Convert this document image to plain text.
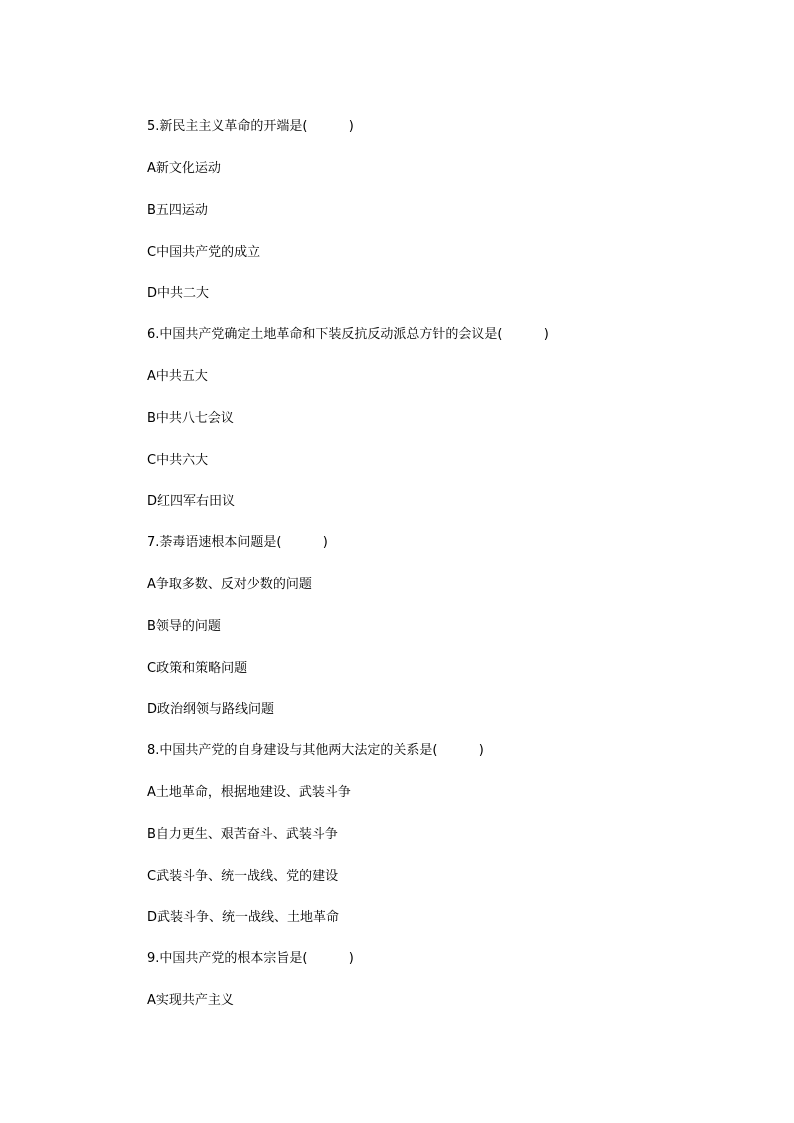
5.新民主主义革命的开端是(          )
A新文化运动
B五四运动
C中国共产党的成立
D中共二大
6.中国共产党确定土地革命和下装反抗反动派总方针的会议是(          )
A中共五大
B中共八七会议
C中共六大
D红四军右田议
7.荼毒语速根本问题是(          )
A争取多数、反对少数的问题
B领导的问题
C政策和策略问题
D政治纲领与路线问题
8.中国共产党的自身建设与其他两大法定的关系是(          )
A土地革命，根据地建设、武装斗争
B自力更生、艰苦奋斗、武装斗争
C武装斗争、统一战线、党的建设
D武装斗争、统一战线、土地革命
9.中国共产党的根本宗旨是(          )
A实现共产主义
